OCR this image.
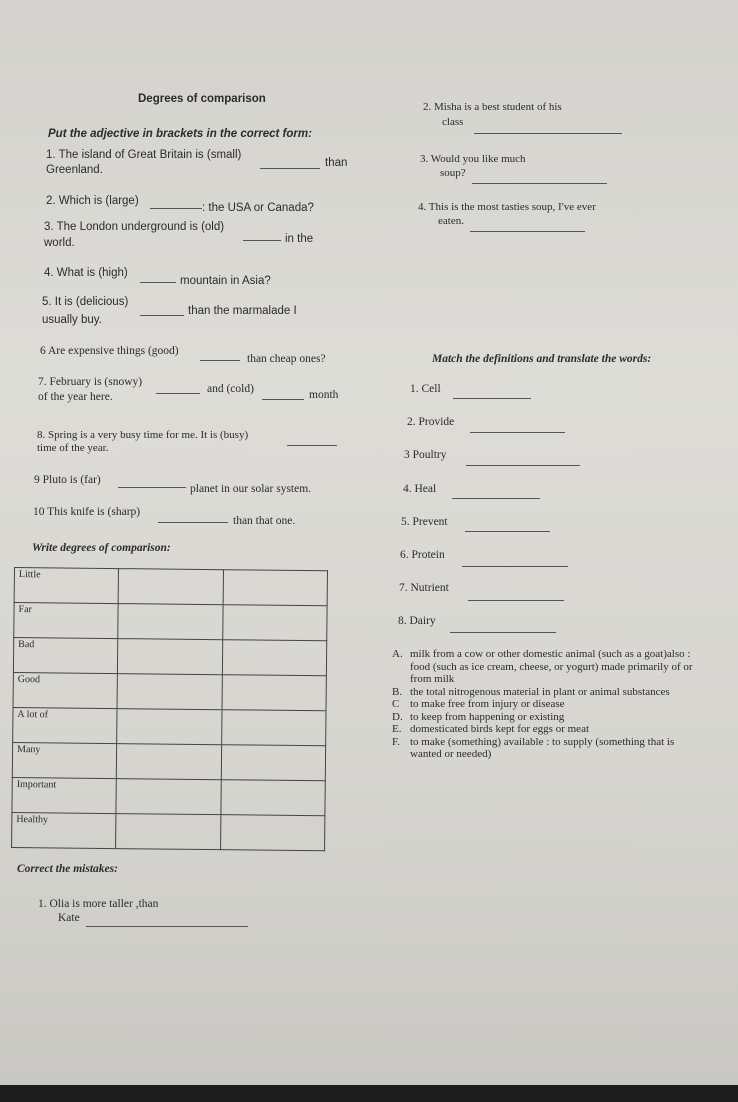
Degrees of comparison
Put the adjective in brackets in the correct form:
1. The island of Great Britain is (small)
than
Greenland.
2. Which is (large)
: the USA or Canada?
3. The London underground is (old)
in the
world.
4. What is (high)
mountain in Asia?
5. It is (delicious)
than the marmalade I
usually buy.
6 Are expensive things (good)
than cheap ones?
7. February is (snowy)
and (cold)	month
of the year here.
8. Spring is a very busy time for me. It is (busy)
time of the year.
9 Pluto is (far)
planet in our solar system.
10 This knife is (sharp)
than that one.
2. Misha is a best student of his
class
3. Would you like much
soup?
4. This is the most tasties soup, I've ever
eaten.
Write degrees of comparison:
Little		
Far		
Bad		
Good		
A lot of		
Many		
Important		
Healthy		
Match the definitions and translate the words:
1. Cell
2. Provide
3 Poultry
4. Heal
5. Prevent
6. Protein
7. Nutrient
8. Dairy
A. milk from a cow or other domestic animal (such as a goat)also : food (such as ice cream, cheese, or yogurt) made primarily of or from milk
B. the total nitrogenous material in plant or animal substances
C to make free from injury or disease
D. to keep from happening or existing
E. domesticated birds kept for eggs or meat
F. to make (something) available : to supply (something that is wanted or needed)
Correct the mistakes:
1. Olia is more taller ,than
Kate
